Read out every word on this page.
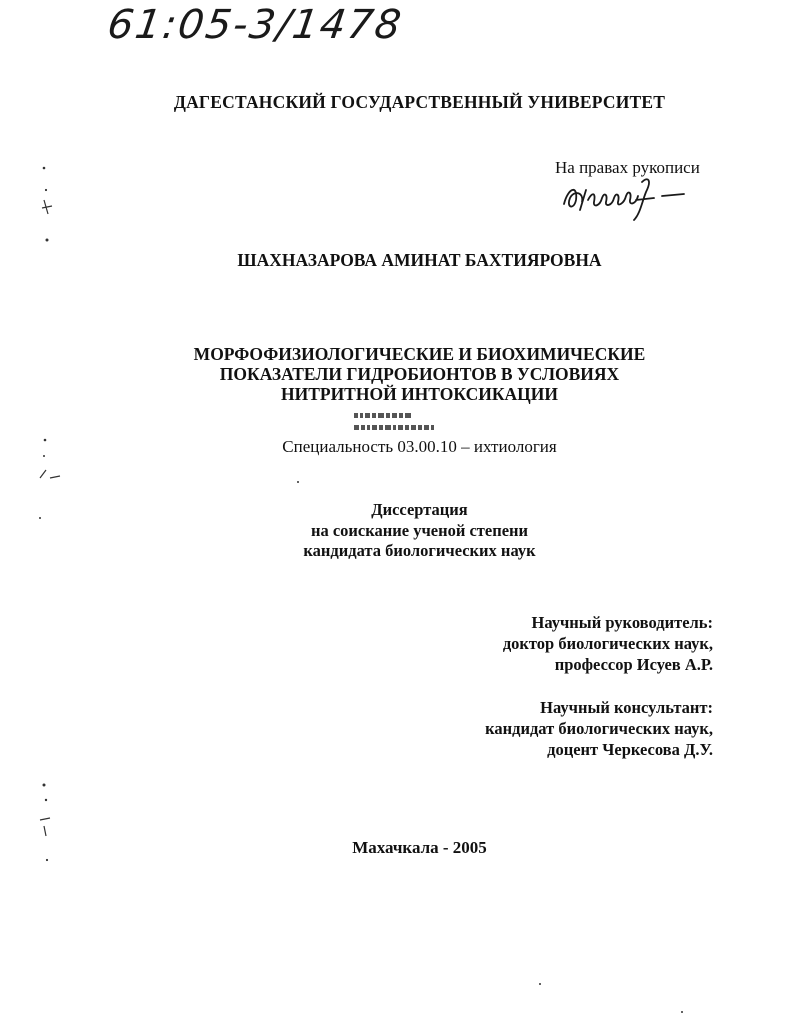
61:05-3/1478
ДАГЕСТАНСКИЙ ГОСУДАРСТВЕННЫЙ УНИВЕРСИТЕТ
На правах рукописи
ШАХНАЗАРОВА АМИНАТ БАХТИЯРОВНА
МОРФОФИЗИОЛОГИЧЕСКИЕ И БИОХИМИЧЕСКИЕ
ПОКАЗАТЕЛИ ГИДРОБИОНТОВ В УСЛОВИЯХ
НИТРИТНОЙ ИНТОКСИКАЦИИ
Специальность 03.00.10 – ихтиология
Диссертация
на соискание ученой степени
кандидата биологических наук
Научный руководитель:
доктор биологических наук,
профессор Исуев А.Р.
Научный консультант:
кандидат биологических наук,
доцент Черкесова Д.У.
Махачкала - 2005
